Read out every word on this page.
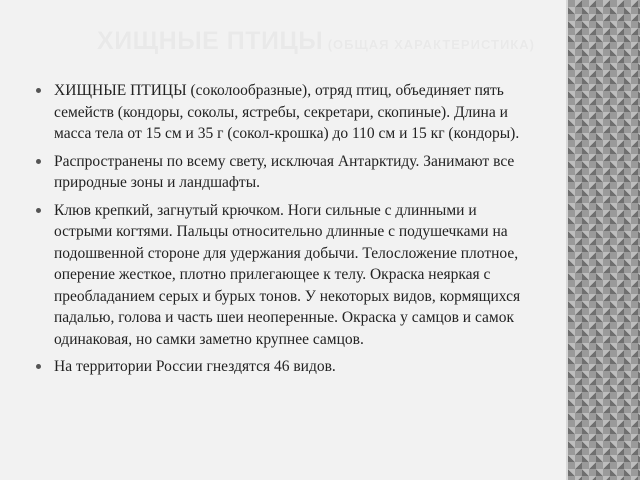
ХИЩНЫЕ ПТИЦЫ (ОБЩАЯ ХАРАКТЕРИСТИКА)
ХИЩНЫЕ ПТИЦЫ (соколообразные), отряд птиц, объединяет пять семейств (кондоры, соколы, ястребы, секретари, скопиные). Длина и масса тела от 15 см и 35 г (сокол-крошка) до 110 см и 15 кг (кондоры).
Распространены по всему свету, исключая Антарктиду. Занимают все природные зоны и ландшафты.
Клюв крепкий, загнутый крючком. Ноги сильные с длинными и острыми когтями. Пальцы относительно длинные с подушечками на подошвенной стороне для удержания добычи. Телосложение плотное, оперение жесткое, плотно прилегающее к телу. Окраска неяркая с преобладанием серых и бурых тонов. У некоторых видов, кормящихся падалью, голова и часть шеи неоперенные. Окраска у самцов и самок одинаковая, но самки заметно крупнее самцов.
На территории России гнездятся 46 видов.
